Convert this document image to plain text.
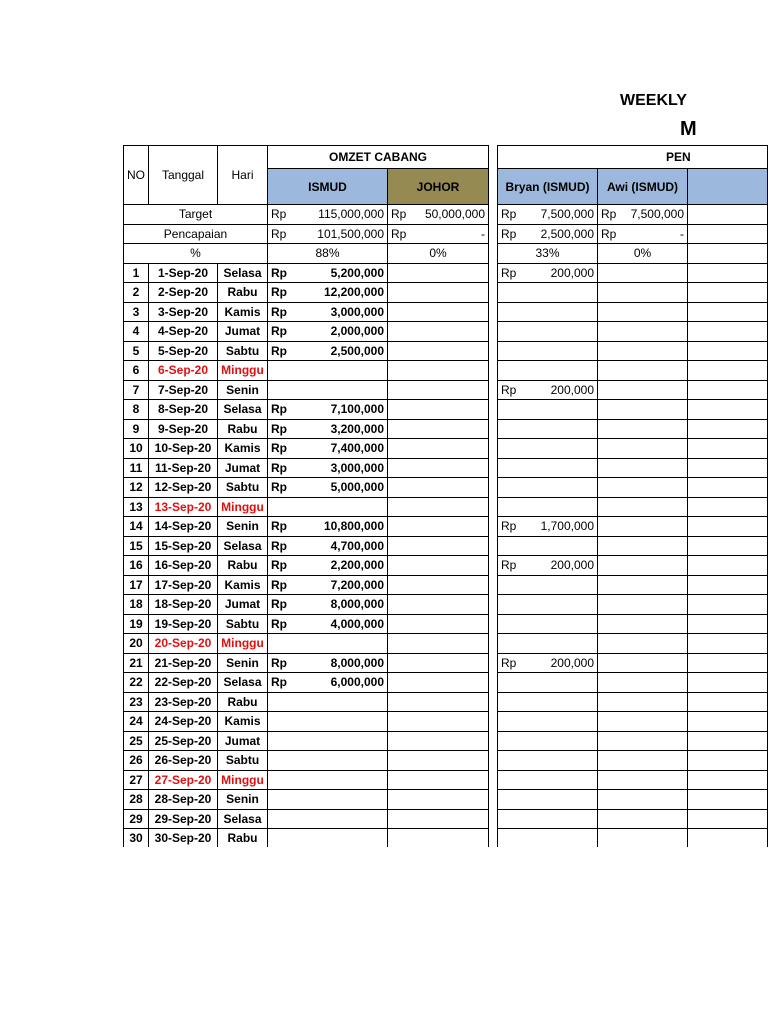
WEEKLY
M
NO	Tanggal	Hari	OMZET CABANG			PEN		
			ISMUD	JOHOR		Bryan (ISMUD)	Awi (ISMUD)	
Target			Rp 115,000,000	Rp 50,000,000		Rp 7,500,000	Rp 7,500,000	

Pencapaian			Rp 101,500,000	Rp -		Rp 2,500,000	Rp -	

%			88%	0%		33%	0%	
1	1-Sep-20	Selasa	Rp 5,200,000			Rp 200,000		

2	2-Sep-20	Rabu	Rp 12,200,000					

3	3-Sep-20	Kamis	Rp 3,000,000					

4	4-Sep-20	Jumat	Rp 2,000,000					

5	5-Sep-20	Sabtu	Rp 2,500,000					

6	6-Sep-20	Minggu						
7	7-Sep-20	Senin				Rp 200,000		

8	8-Sep-20	Selasa	Rp 7,100,000					

9	9-Sep-20	Rabu	Rp 3,200,000					

10	10-Sep-20	Kamis	Rp 7,400,000					

11	11-Sep-20	Jumat	Rp 3,000,000					

12	12-Sep-20	Sabtu	Rp 5,000,000					

13	13-Sep-20	Minggu						
14	14-Sep-20	Senin	Rp 10,800,000			Rp 1,700,000		

15	15-Sep-20	Selasa	Rp 4,700,000					

16	16-Sep-20	Rabu	Rp 2,200,000			Rp 200,000		

17	17-Sep-20	Kamis	Rp 7,200,000					

18	18-Sep-20	Jumat	Rp 8,000,000					

19	19-Sep-20	Sabtu	Rp 4,000,000					

20	20-Sep-20	Minggu						
21	21-Sep-20	Senin	Rp 8,000,000			Rp 200,000		

22	22-Sep-20	Selasa	Rp 6,000,000					

23	23-Sep-20	Rabu						
24	24-Sep-20	Kamis						
25	25-Sep-20	Jumat						
26	26-Sep-20	Sabtu						
27	27-Sep-20	Minggu						
28	28-Sep-20	Senin						
29	29-Sep-20	Selasa						
30	30-Sep-20	Rabu						
